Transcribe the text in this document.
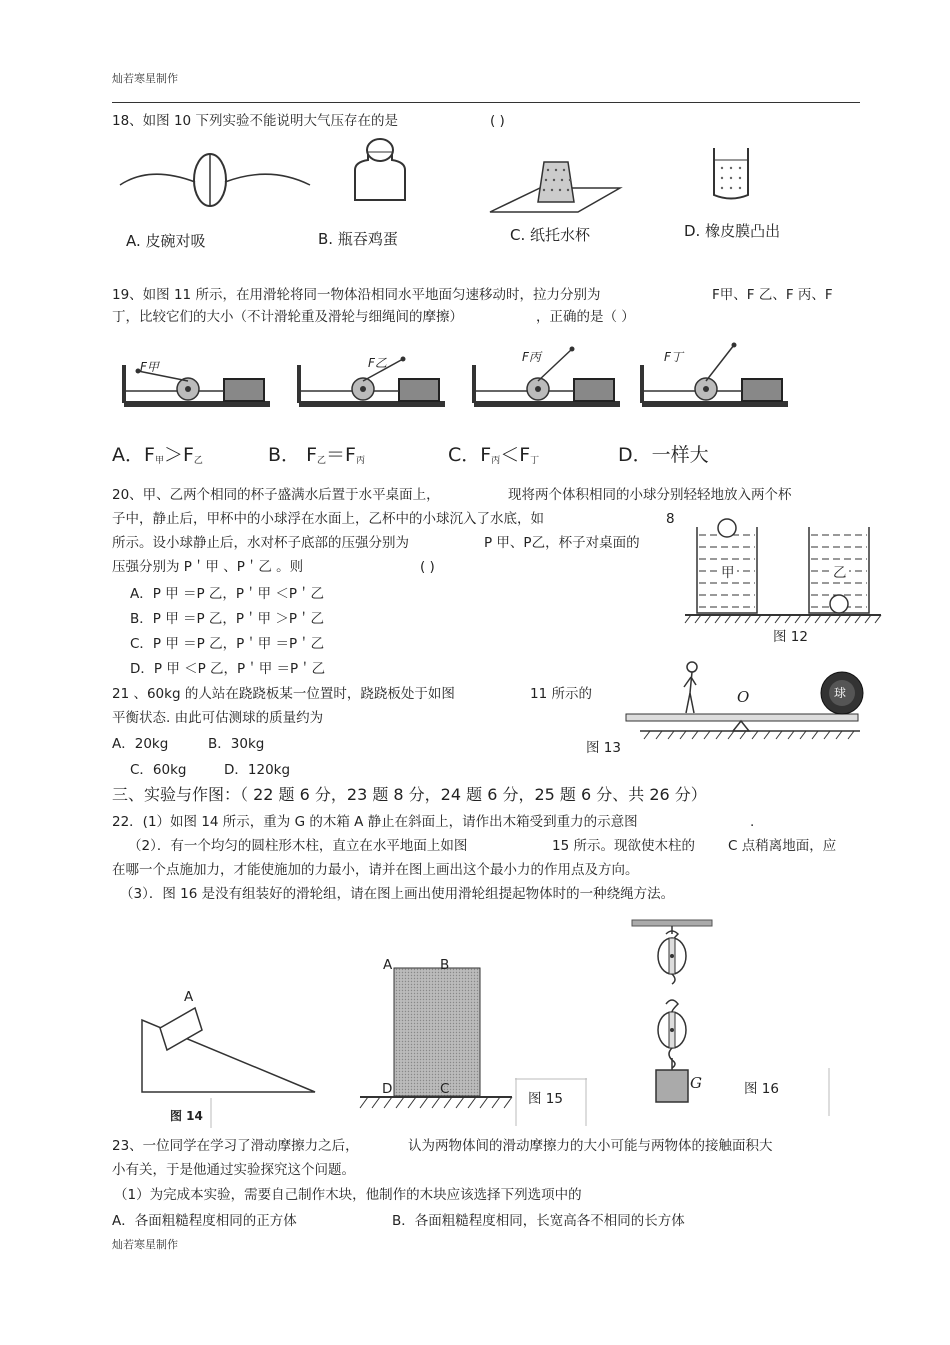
灿若寒星制作
灿若寒星制作
18、如图 10 下列实验不能说明大气压存在的是	( )
A. 皮碗对吸	B. 瓶吞鸡蛋	C. 纸托水杯	D. 橡皮膜凸出
19、如图 11 所示，在用滑轮将同一物体沿相同水平地面匀速移动时，拉力分别为	F甲、F 乙、F 丙、F
丁，比较它们的大小（不计滑轮重及滑轮与细绳间的摩擦）	，正确的是（ ）
A．$F_甲>F_乙$	B． $F_乙=F_丙$	C．$F_丙<F_丁$	D．一样大
20、甲、乙两个相同的杯子盛满水后置于水平桌面上，	现将两个体积相同的小球分别轻轻地放入两个杯
子中，静止后，甲杯中的小球浮在水面上，乙杯中的小球沉入了水底，如	8
所示。设小球静止后，水对杯子底部的压强分别为	P 甲、P乙，杯子对桌面的
压强分别为 P＇甲 、P＇乙 。则	( )
A．P 甲 ＝P 乙，P＇甲 ＜P＇乙
B．P 甲 ＝P 乙，P＇甲 ＞P＇乙
C．P 甲 ＝P 乙，P＇甲 ＝P＇乙
D．P 甲 ＜P 乙，P＇甲 ＝P＇乙
甲	乙
图 12
21 、60kg 的人站在跷跷板某一位置时，跷跷板处于如图	11 所示的
平衡状态. 由此可估测球的质量约为
A．20kg	B．30kg
C．60kg	D．120kg
O	球
图 13
三、实验与作图：（ 22 题 6 分，23 题 8 分，24 题 6 分，25 题 6 分、共 26 分）
22．(1）如图 14 所示，重为 G 的木箱 A 静止在斜面上，请作出木箱受到重力的示意图	.
（2）．有一个均匀的圆柱形木柱，直立在水平地面上如图	15 所示。现欲使木柱的 C 点稍离地面，应
在哪一个点施加力，才能使施加的力最小，请并在图上画出这个最小力的作用点及方向。
（3）．图 16 是没有组装好的滑轮组，请在图上画出使用滑轮组提起物体时的一种绕绳方法。
A
图 14
A	B
D	C
图 15
G	图 16
23、一位同学在学习了滑动摩擦力之后，	认为两物体间的滑动摩擦力的大小可能与两物体的接触面积大
小有关，于是他通过实验探究这个问题。
（1）为完成本实验，需要自己制作木块，他制作的木块应该选择下列选项中的
A．各面粗糙程度相同的正方体	B．各面粗糙程度相同，长宽高各不相同的长方体
F甲	F乙	F丙	F丁
